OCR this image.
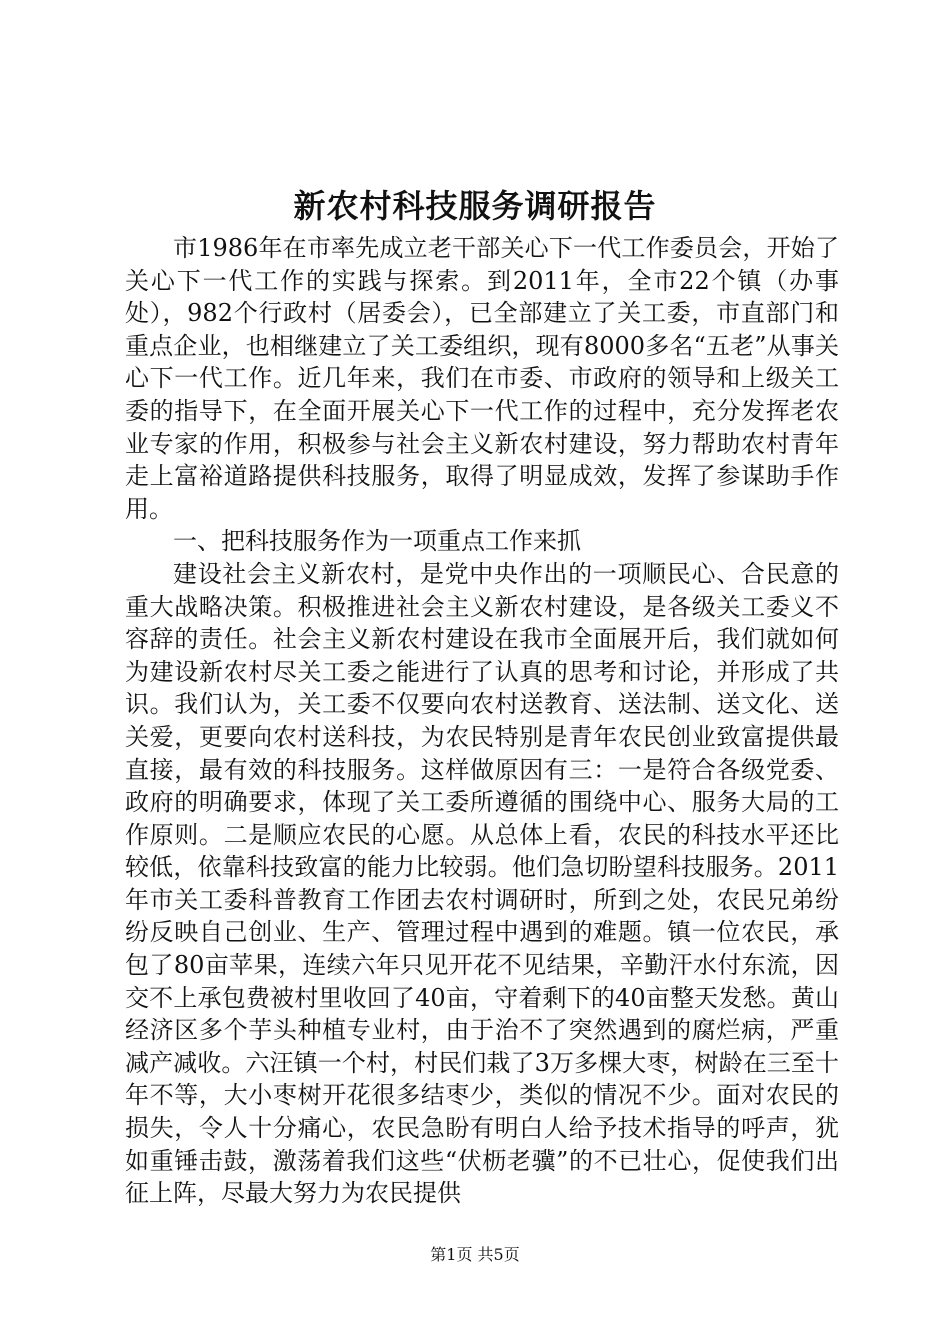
新农村科技服务调研报告

市1986年在市率先成立老干部关心下一代工作委员会，开始了关心下一代工作的实践与探索。到2011年，全市22个镇（办事处），982个行政村（居委会），已全部建立了关工委，市直部门和重点企业，也相继建立了关工委组织，现有8000多名“五老”从事关心下一代工作。近几年来，我们在市委、市政府的领导和上级关工委的指导下，在全面开展关心下一代工作的过程中，充分发挥老农业专家的作用，积极参与社会主义新农村建设，努力帮助农村青年走上富裕道路提供科技服务，取得了明显成效，发挥了参谋助手作用。

一、把科技服务作为一项重点工作来抓

建设社会主义新农村，是党中央作出的一项顺民心、合民意的重大战略决策。积极推进社会主义新农村建设，是各级关工委义不容辞的责任。社会主义新农村建设在我市全面展开后，我们就如何为建设新农村尽关工委之能进行了认真的思考和讨论，并形成了共识。我们认为，关工委不仅要向农村送教育、送法制、送文化、送关爱，更要向农村送科技，为农民特别是青年农民创业致富提供最直接，最有效的科技服务。这样做原因有三：一是符合各级党委、政府的明确要求，体现了关工委所遵循的围绕中心、服务大局的工作原则。二是顺应农民的心愿。从总体上看，农民的科技水平还比较低，依靠科技致富的能力比较弱。他们急切盼望科技服务。2011年市关工委科普教育工作团去农村调研时，所到之处，农民兄弟纷纷反映自己创业、生产、管理过程中遇到的难题。镇一位农民，承包了80亩苹果，连续六年只见开花不见结果，辛勤汗水付东流，因交不上承包费被村里收回了40亩，守着剩下的40亩整天发愁。黄山经济区多个芋头种植专业村，由于治不了突然遇到的腐烂病，严重减产减收。六汪镇一个村，村民们栽了3万多棵大枣，树龄在三至十年不等，大小枣树开花很多结枣少，类似的情况不少。面对农民的损失，令人十分痛心，农民急盼有明白人给予技术指导的呼声，犹如重锤击鼓，激荡着我们这些“伏枥老骥”的不已壮心，促使我们出征上阵，尽最大努力为农民提供

第1页 共5页
